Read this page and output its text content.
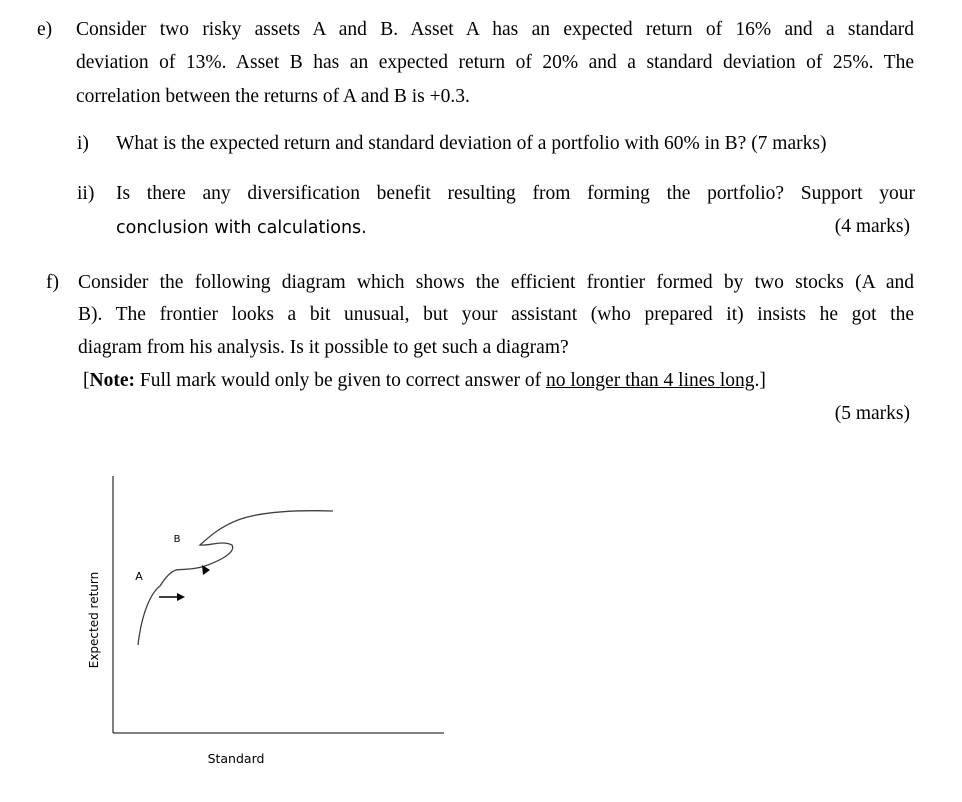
e) Consider two risky assets A and B. Asset A has an expected return of 16% and a standard
deviation of 13%. Asset B has an expected return of 20% and a standard deviation of 25%. The
correlation between the returns of A and B is +0.3.
i) What is the expected return and standard deviation of a portfolio with 60% in B? (7 marks)
ii) Is there any diversification benefit resulting from forming the portfolio? Support your
conclusion with calculations.	(4 marks)
f) Consider the following diagram which shows the efficient frontier formed by two stocks (A and
B). The frontier looks a bit unusual, but your assistant (who prepared it) insists he got the
diagram from his analysis. Is it possible to get such a diagram?
[Note: Full mark would only be given to correct answer of no longer than 4 lines long.]
(5 marks)
A
B
Expected return
Standard
